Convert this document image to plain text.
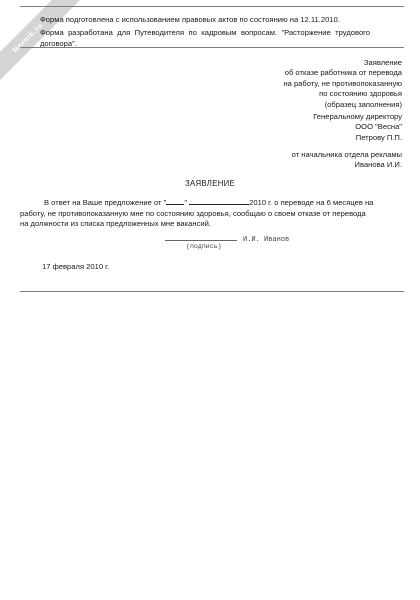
Nornik.ru
Форма подготовлена с использованием правовых актов по состоянию на 12.11.2010.
Форма разработана для Путеводителя по кадровым вопросам. "Расторжение трудового договора".
Заявление
об отказе работника от перевода
на работу, не противопоказанную
по состоянию здоровья
(образец заполнения)
Генеральному директору
ООО "Весна"
Петрову П.П.
от начальника отдела рекламы
Иванова И.И.
ЗАЯВЛЕНИЕ
В ответ на Ваше предложение от " "	2010 г. о переводе на 6 месяцев на
работу, не противопоказанную мне по состоянию здоровья, сообщаю о своем отказе от перевода
на должности из списка предложенных мне вакансий.
И.И. Иванов
(подпись)
17 февраля 2010 г.
